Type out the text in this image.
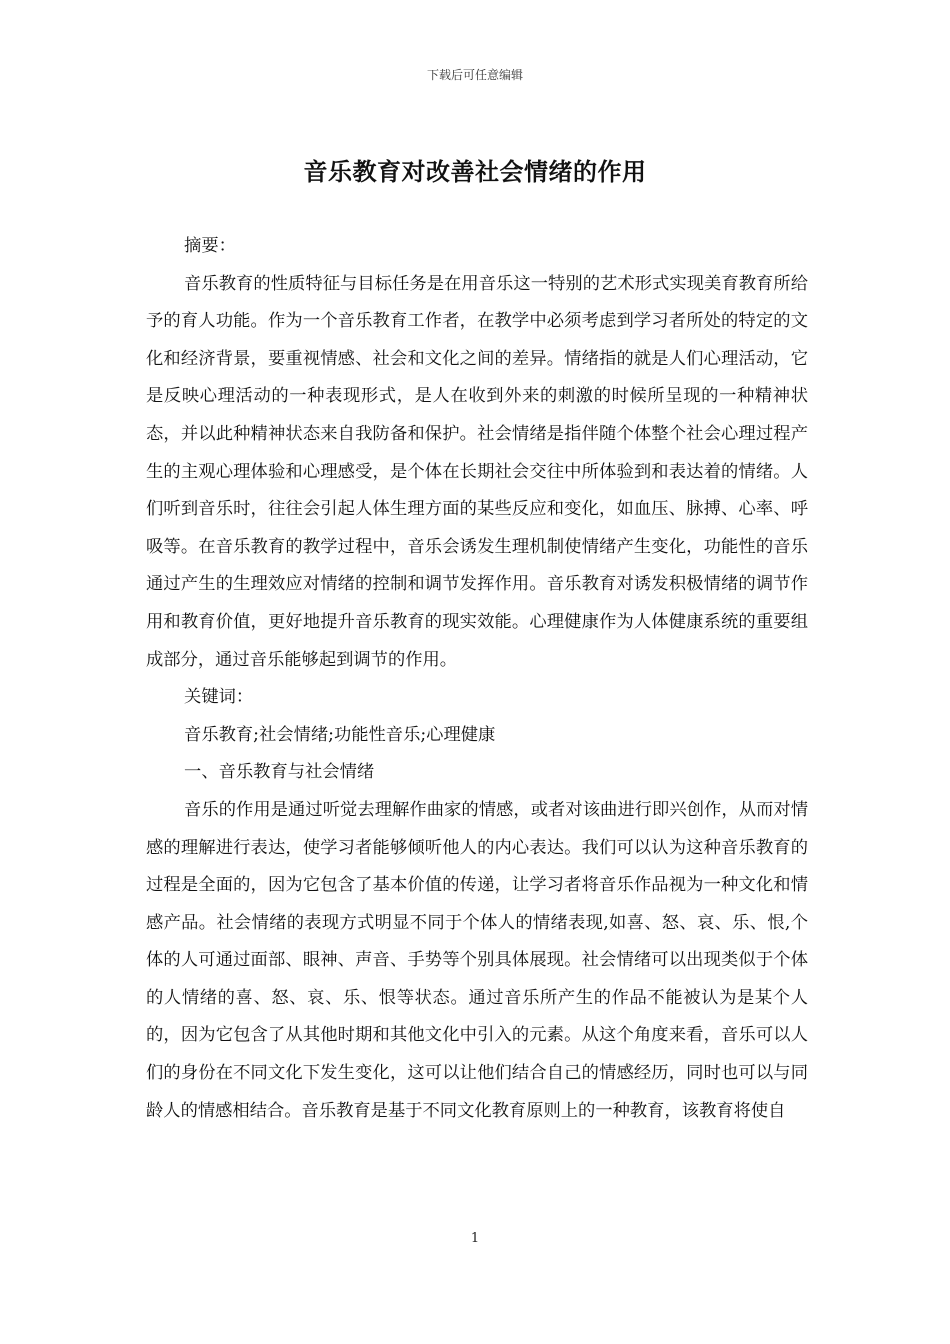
下载后可任意编辑
音乐教育对改善社会情绪的作用

摘要：

音乐教育的性质特征与目标任务是在用音乐这一特别的艺术形式实现美育教育所给予的育人功能。作为一个音乐教育工作者，在教学中必须考虑到学习者所处的特定的文化和经济背景，要重视情感、社会和文化之间的差异。情绪指的就是人们心理活动，它是反映心理活动的一种表现形式，是人在收到外来的刺激的时候所呈现的一种精神状态，并以此种精神状态来自我防备和保护。社会情绪是指伴随个体整个社会心理过程产生的主观心理体验和心理感受，是个体在长期社会交往中所体验到和表达着的情绪。人们听到音乐时，往往会引起人体生理方面的某些反应和变化，如血压、脉搏、心率、呼吸等。在音乐教育的教学过程中，音乐会诱发生理机制使情绪产生变化，功能性的音乐通过产生的生理效应对情绪的控制和调节发挥作用。音乐教育对诱发积极情绪的调节作用和教育价值，更好地提升音乐教育的现实效能。心理健康作为人体健康系统的重要组成部分，通过音乐能够起到调节的作用。

关键词：

音乐教育;社会情绪;功能性音乐;心理健康

一、音乐教育与社会情绪

音乐的作用是通过听觉去理解作曲家的情感，或者对该曲进行即兴创作，从而对情感的理解进行表达，使学习者能够倾听他人的内心表达。我们可以认为这种音乐教育的过程是全面的，因为它包含了基本价值的传递，让学习者将音乐作品视为一种文化和情感产品。社会情绪的表现方式明显不同于个体人的情绪表现,如喜、怒、哀、乐、恨,个体的人可通过面部、眼神、声音、手势等个别具体展现。社会情绪可以出现类似于个体的人情绪的喜、怒、哀、乐、恨等状态。通过音乐所产生的作品不能被认为是某个人的，因为它包含了从其他时期和其他文化中引入的元素。从这个角度来看，音乐可以人们的身份在不同文化下发生变化，这可以让他们结合自己的情感经历，同时也可以与同龄人的情感相结合。音乐教育是基于不同文化教育原则上的一种教育，该教育将使自

1
